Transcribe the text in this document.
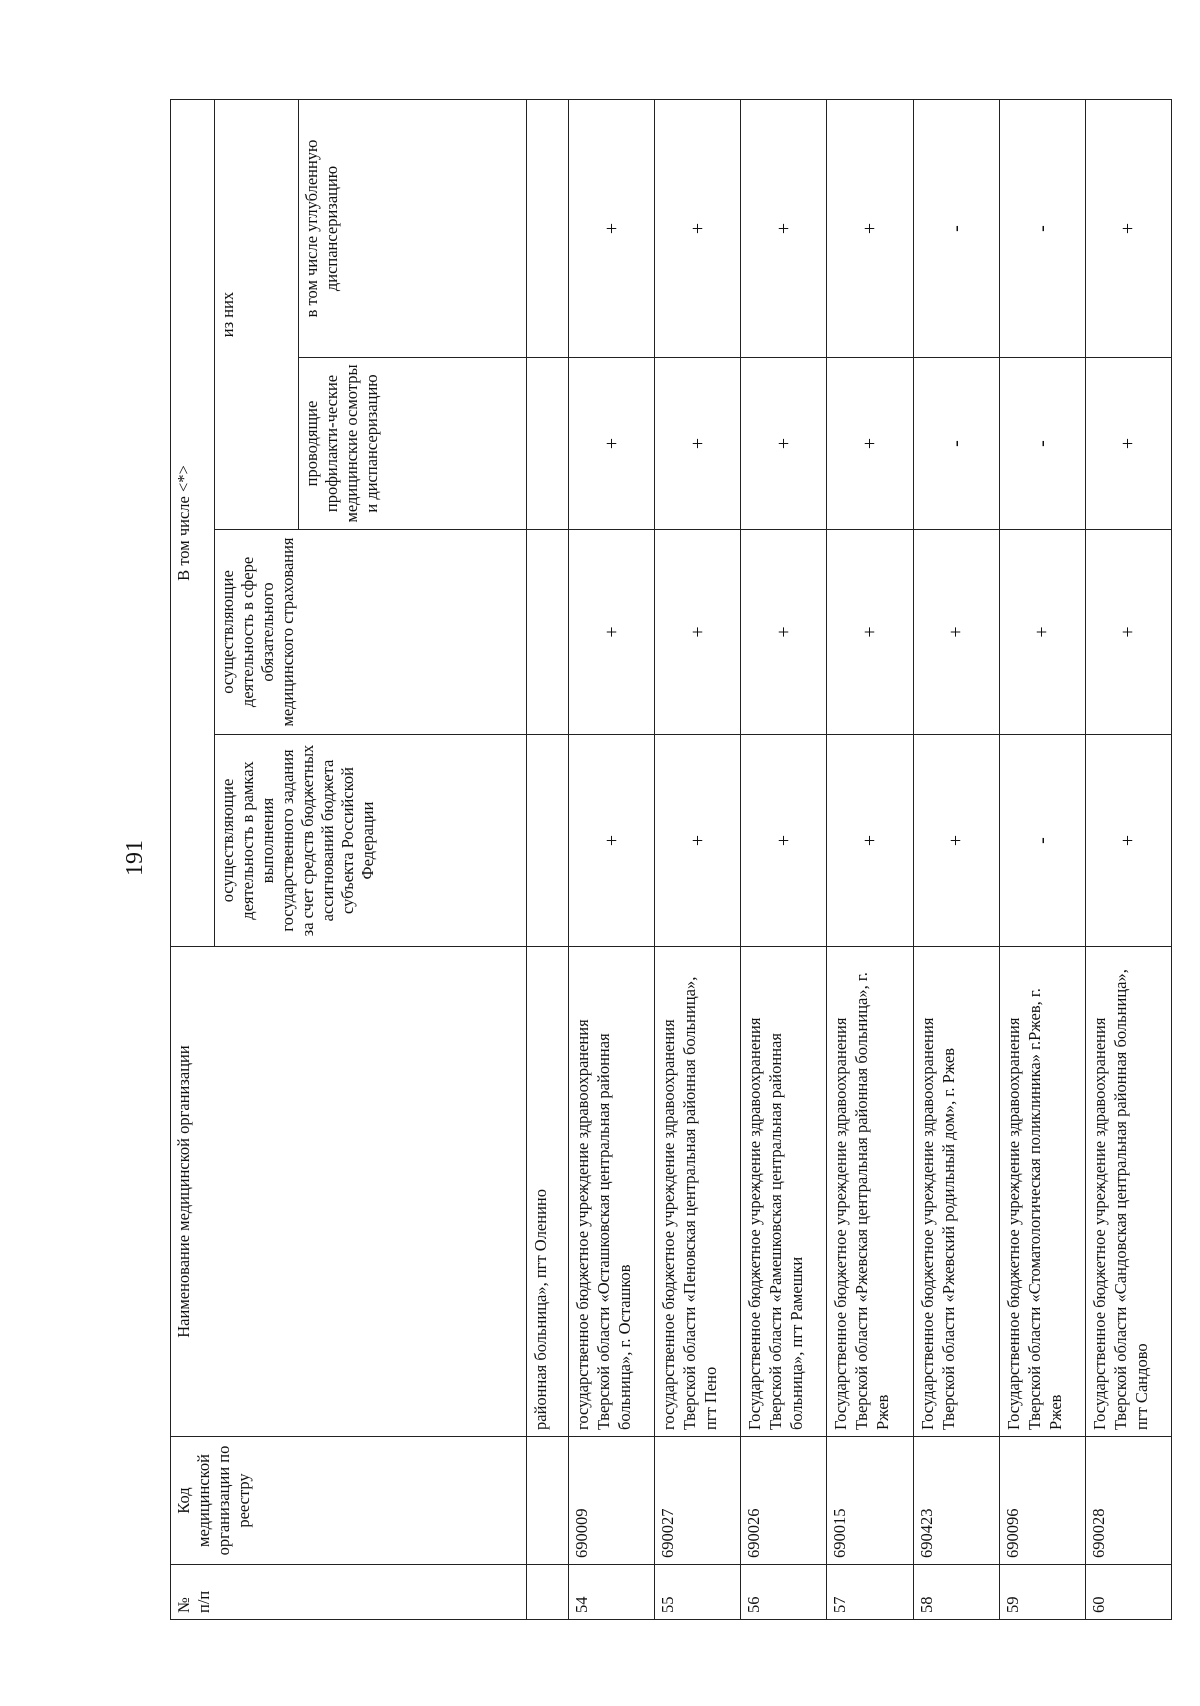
191
№
п/п	Код медицинской организации по реестру	Наименование медицинской организации	В том числе <*>			
			осуществляющие деятельность в рамках выполнения государственного задания за счет средств бюджетных ассигнований бюджета субъекта Российской Федерации	осуществляющие деятельность в сфере обязательного медицинского страхования	из них	
					проводящие профилакти-ческие медицинские осмотры и диспансеризацию	в том числе углубленную диспансеризацию
		районная больница», пгт Оленино				
54	690009	государственное бюджетное учреждение здравоохранения Тверской области «Осташковская центральная районная больница», г. Осташков	+	+	+	+
55	690027	государственное бюджетное учреждение здравоохранения Тверской области «Пеновская центральная районная больница», пгт Пено	+	+	+	+
56	690026	Государственное бюджетное учреждение здравоохранения Тверской области «Рамешковская центральная районная больница», пгт Рамешки	+	+	+	+
57	690015	Государственное бюджетное учреждение здравоохранения Тверской области «Ржевская центральная районная больница», г. Ржев	+	+	+	+
58	690423	Государственное бюджетное учреждение здравоохранения Тверской области «Ржевский родильный дом», г. Ржев	+	+	-	-
59	690096	Государственное бюджетное учреждение здравоохранения Тверской области «Стоматологическая поликлиника» г.Ржев, г. Ржев	-	+	-	-
60	690028	Государственное бюджетное учреждение здравоохранения Тверской области «Сандовская центральная районная больница», пгт Сандово	+	+	+	+
